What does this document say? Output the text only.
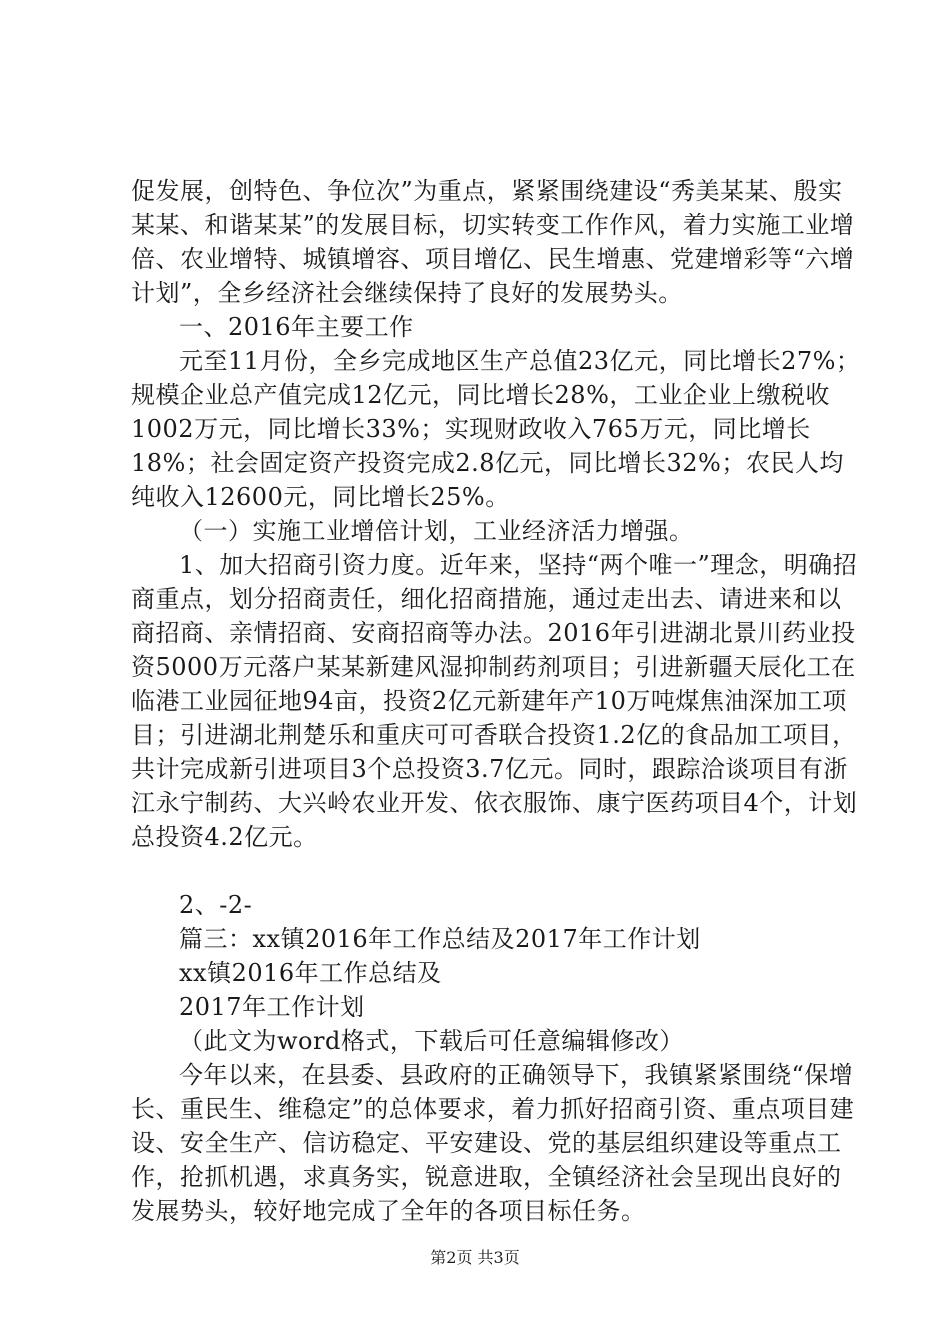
促发展，创特色、争位次”为重点，紧紧围绕建设“秀美某某、殷实某某、和谐某某”的发展目标，切实转变工作作风，着力实施工业增倍、农业增特、城镇增容、项目增亿、民生增惠、党建增彩等“六增计划”，全乡经济社会继续保持了良好的发展势头。

一、2016年主要工作

元至11月份，全乡完成地区生产总值23亿元，同比增长27%；规模企业总产值完成12亿元，同比增长28%，工业企业上缴税收1002万元，同比增长33%；实现财政收入765万元，同比增长18%；社会固定资产投资完成2.8亿元，同比增长32%；农民人均纯收入12600元，同比增长25%。

（一）实施工业增倍计划，工业经济活力增强。

1、加大招商引资力度。近年来，坚持“两个唯一”理念，明确招商重点，划分招商责任，细化招商措施，通过走出去、请进来和以商招商、亲情招商、安商招商等办法。2016年引进湖北景川药业投资5000万元落户某某新建风湿抑制药剂项目；引进新疆天辰化工在临港工业园征地94亩，投资2亿元新建年产10万吨煤焦油深加工项目；引进湖北荆楚乐和重庆可可香联合投资1.2亿的食品加工项目，共计完成新引进项目3个总投资3.7亿元。同时，跟踪洽谈项目有浙江永宁制药、大兴岭农业开发、依衣服饰、康宁医药项目4个，计划总投资4.2亿元。

2、-2-

篇三：xx镇2016年工作总结及2017年工作计划

xx镇2016年工作总结及

2017年工作计划

（此文为word格式，下载后可任意编辑修改）

今年以来，在县委、县政府的正确领导下，我镇紧紧围绕“保增长、重民生、维稳定”的总体要求，着力抓好招商引资、重点项目建设、安全生产、信访稳定、平安建设、党的基层组织建设等重点工作，抢抓机遇，求真务实，锐意进取，全镇经济社会呈现出良好的发展势头，较好地完成了全年的各项目标任务。

第2页 共3页
